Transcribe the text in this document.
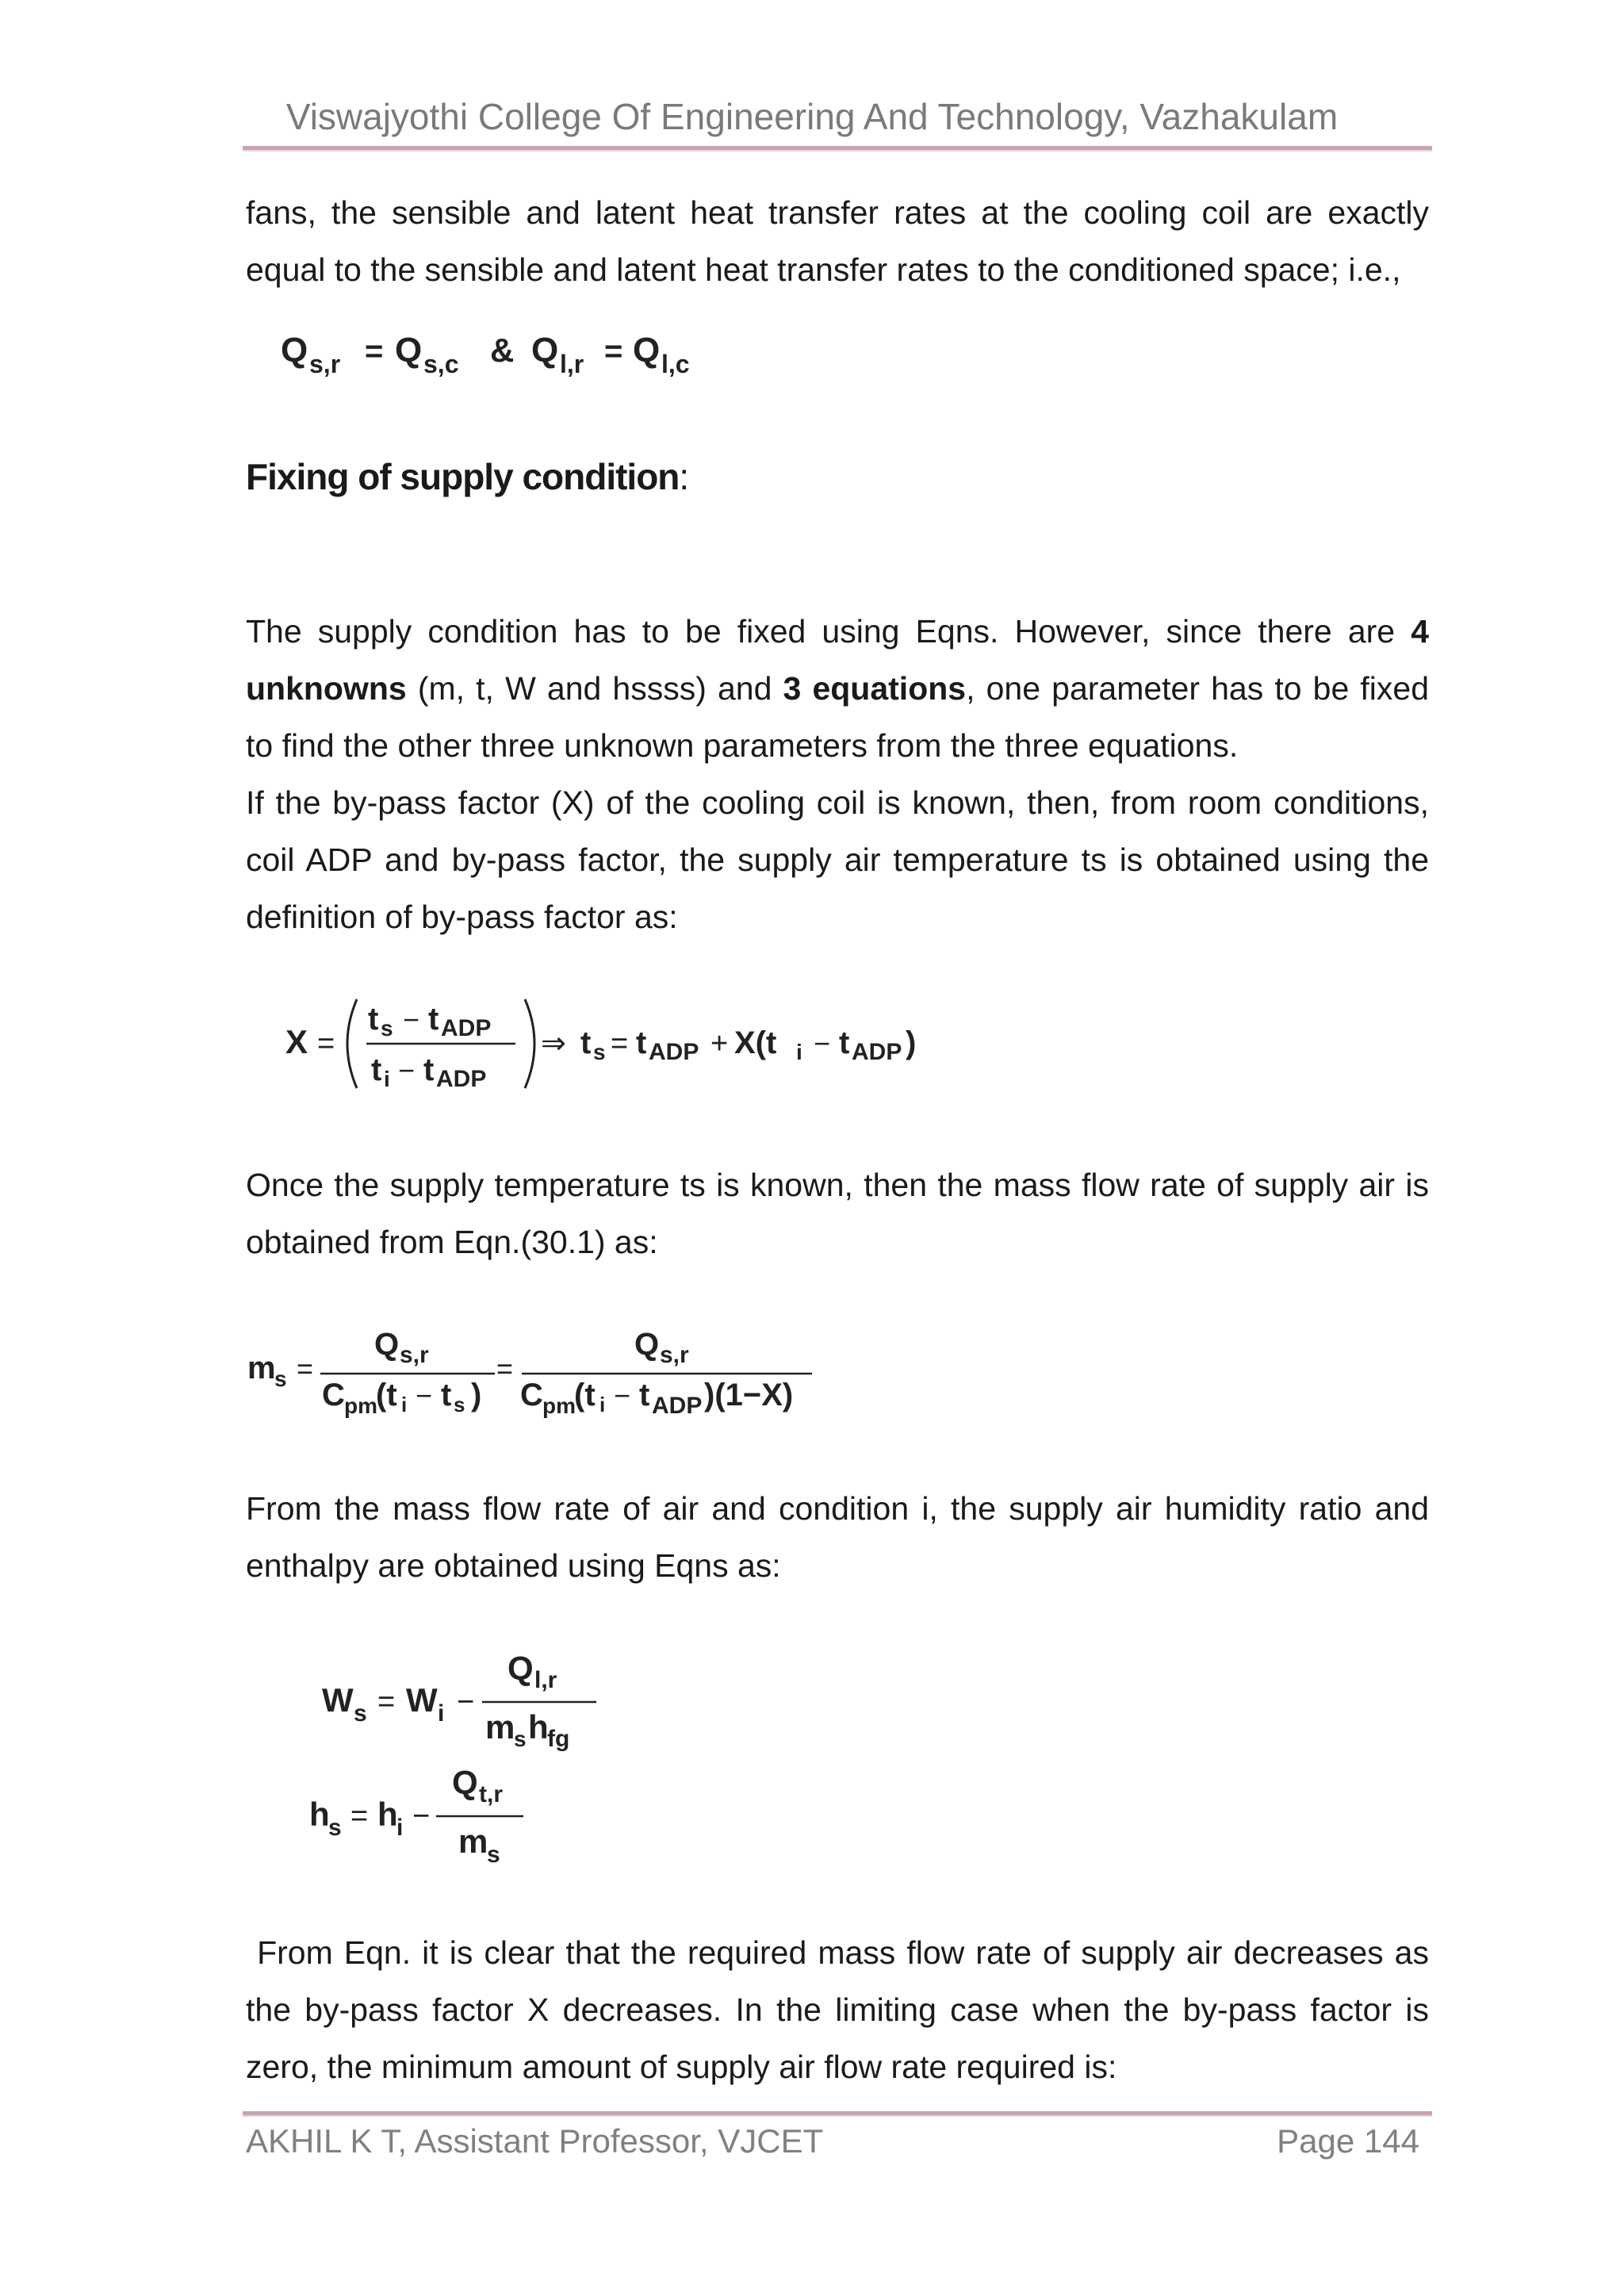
Viswajyothi College Of Engineering And Technology, Vazhakulam

fans, the sensible and latent heat transfer rates at the cooling coil are exactly equal to the sensible and latent heat transfer rates to the conditioned space; i.e.,

Q s,r = Q s,c & Q l,r = Q l,c
Fixing of supply condition:

The supply condition has to be fixed using Eqns. However, since there are 4 unknowns (m, t, W and hssss) and 3 equations, one parameter has to be fixed to find the other three unknown parameters from the three equations.

If the by-pass factor (X) of the cooling coil is known, then, from room conditions, coil ADP and by-pass factor, the supply air temperature ts is obtained using the definition of by-pass factor as:

X =
t s − t ADP
t i − t ADP
⇒ t s = t ADP + X(t i − t ADP )

Once the supply temperature ts is known, then the mass flow rate of supply air is obtained from Eqn.(30.1) as:

m
s =
Q s,r
C pm
(t i − t s )
=
Q s,r
C pm
(t i − t ADP )(1−X)

From the mass flow rate of air and condition i, the supply air humidity ratio and enthalpy are obtained using Eqns as:

W s = W i −
Q l,r
m
s h
fg
h
s = h
i −
Q t,r
m
s

From Eqn. it is clear that the required mass flow rate of supply air decreases as the by-pass factor X decreases. In the limiting case when the by-pass factor is zero, the minimum amount of supply air flow rate required is:

AKHIL K T, Assistant Professor, VJCET	Page 144
